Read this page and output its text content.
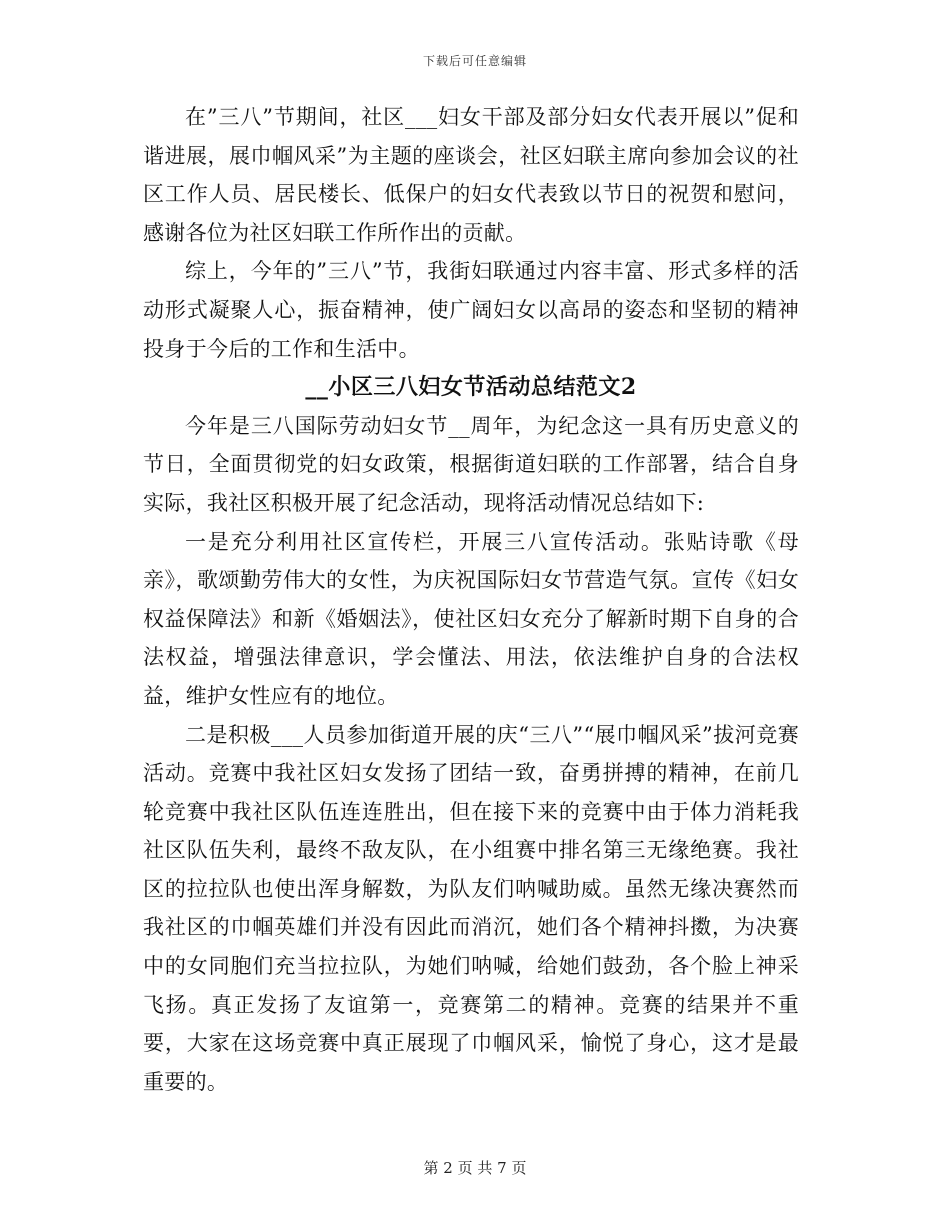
下载后可任意编辑

在”三八”节期间，社区___妇女干部及部分妇女代表开展以”促和谐进展，展巾帼风采”为主题的座谈会，社区妇联主席向参加会议的社区工作人员、居民楼长、低保户的妇女代表致以节日的祝贺和慰问，感谢各位为社区妇联工作所作出的贡献。

综上，今年的”三八”节，我街妇联通过内容丰富、形式多样的活动形式凝聚人心，振奋精神，使广阔妇女以高昂的姿态和坚韧的精神投身于今后的工作和生活中。

__小区三八妇女节活动总结范文2

今年是三八国际劳动妇女节__周年，为纪念这一具有历史意义的节日，全面贯彻党的妇女政策，根据街道妇联的工作部署，结合自身实际，我社区积极开展了纪念活动，现将活动情况总结如下:

一是充分利用社区宣传栏，开展三八宣传活动。张贴诗歌《母亲》，歌颂勤劳伟大的女性，为庆祝国际妇女节营造气氛。宣传《妇女权益保障法》和新《婚姻法》，使社区妇女充分了解新时期下自身的合法权益，增强法律意识，学会懂法、用法，依法维护自身的合法权益，维护女性应有的地位。

二是积极___人员参加街道开展的庆“三八”“展巾帼风采”拔河竞赛活动。竞赛中我社区妇女发扬了团结一致，奋勇拼搏的精神，在前几轮竞赛中我社区队伍连连胜出，但在接下来的竞赛中由于体力消耗我社区队伍失利，最终不敌友队，在小组赛中排名第三无缘绝赛。我社区的拉拉队也使出浑身解数，为队友们呐喊助威。虽然无缘决赛然而我社区的巾帼英雄们并没有因此而消沉，她们各个精神抖擞，为决赛中的女同胞们充当拉拉队，为她们呐喊，给她们鼓劲，各个脸上神采飞扬。真正发扬了友谊第一，竞赛第二的精神。竞赛的结果并不重要，大家在这场竞赛中真正展现了巾帼风采，愉悦了身心，这才是最重要的。

第 2 页 共 7 页
